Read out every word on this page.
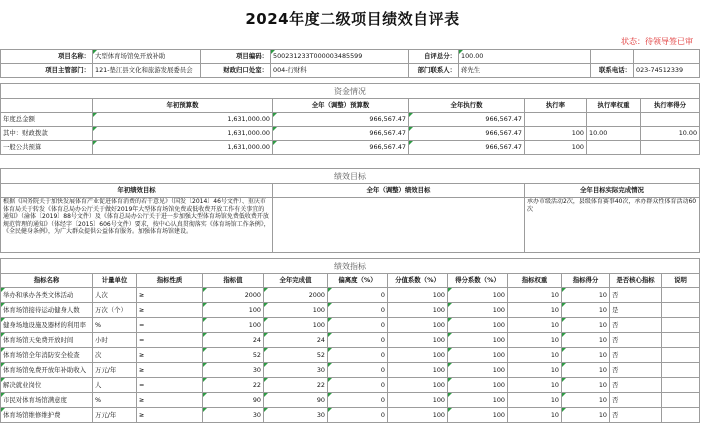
2024年度二级项目绩效自评表
状态：待领导签已审
项目名称：	大型体育场馆免开放补助	项目编码：	500231233T000003485599	自评总分：	100.00		
项目主管部门：	121-垫江县文化和旅游发展委员会	财政归口处室：	004-行财科	部门联系人：	蒋先生	联系电话：	023-74512339
资金情况						
	年初预算数	全年（调整）预算数	全年执行数	执行率	执行率权重	执行率得分
年度总金额	1,631,000.00	966,567.47	966,567.47			
其中：财政拨款	1,631,000.00	966,567.47	966,567.47	100	10.00	10.00
一般公共预算	1,631,000.00	966,567.47	966,567.47	100		
绩效目标		
年初绩效目标	全年（调整）绩效目标	全年目标实际完成情况

根据《国务院关于加快发展体育产业促进体育消费的若干意见》（国发〔2014〕46号文件）、重庆市体育局关于转发《体育总局办公厅关于做好2019年大型体育场馆免费或低收费开放工作有关事宜的通知》（渝体〔2019〕88号文件）及《体育总局办公厅关于进一步加强大型体育场馆免费低收费开放规范管理的通知》（体经字〔2015〕606号文件）要求，按中心认真贯彻落实《体育场馆工作条例》，《全民健身条例》，为广大群众提供公益体育服务。加强体育场馆建设。		承办市级活动2次，县级体育赛事40次，承办群众性体育活动60次
绩效指标											
指标名称	计量单位	指标性质	指标值	全年完成值	偏离度（%）	分值系数（%）	得分系数（%）	指标权重	指标得分	是否核心指标	说明
举办和承办各类文体活动	人次	≥	2000	2000	0	100	100	10	10	否	
体育场馆接待运动健身人数	万次（个）	≥	100	100	0	100	100	10	10	是	
健身场地设施及器材的利用率	%	=	100	100	0	100	100	10	10	否	
体育场馆天免费开放时间	小时	=	24	24	0	100	100	10	10	否	
体育场馆全年消防安全检查	次	≥	52	52	0	100	100	10	10	否	
体育场馆免费开放年补助收入	万元/年	≥	30	30	0	100	100	10	10	否	
解决就业岗位	人	=	22	22	0	100	100	10	10	否	
市民对体育场馆满意度	%	≥	90	90	0	100	100	10	10	否	
体育场馆维修维护费	万元/年	≥	30	30	0	100	100	10	10	否	
